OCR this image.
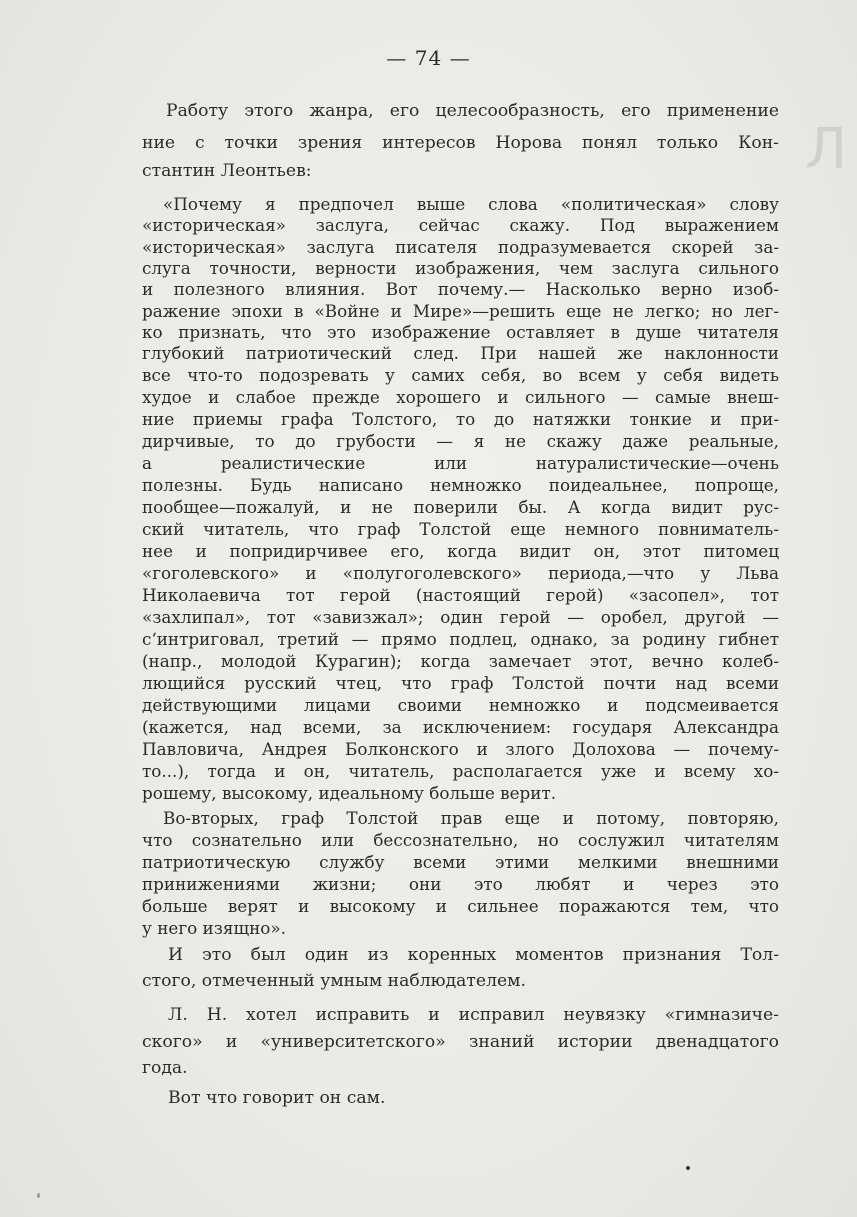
Л
— 74 —
Работу этого жанра, его целесообразность, его применение
ние с точки зрения интересов Норова понял только Кон-
стантин Леонтьев:
«Почему я предпочел выше слова «политическая» слову
«историческая» заслуга, сейчас скажу. Под выражением
«историческая» заслуга писателя подразумевается скорей за-
слуга точности, верности изображения, чем заслуга сильного
и полезного влияния. Вот почему.— Насколько верно изоб-
ражение эпохи в «Войне и Мире»—решить еще не легко; но лег-
ко признать, что это изображение оставляет в душе читателя
глубокий патриотический след. При нашей же наклонности
все что-то подозревать у самих себя, во всем у себя видеть
худое и слабое прежде хорошего и сильного — самые внеш-
ние приемы графа Толстого, то до натяжки тонкие и при-
дирчивые, то до грубости — я не скажу даже реальные,
а реалистические или натуралистические—очень
полезны. Будь написано немножко поидеальнее, попроще,
пообщее—пожалуй, и не поверили бы. А когда видит рус-
ский читатель, что граф Толстой еще немного повниматель-
нее и попридирчивее его, когда видит он, этот питомец
«гоголевского» и «полугоголевского» периода,—что у Льва
Николаевича тот герой (настоящий герой) «засопел», тот
«захлипал», тот «завизжал»; один герой — оробел, другой —
с‘интриговал, третий — прямо подлец, однако, за родину гибнет
(напр., молодой Курагин); когда замечает этот, вечно колеб-
лющийся русский чтец, что граф Толстой почти над всеми
действующими лицами своими немножко и подсмеивается
(кажется, над всеми, за исключением: государя Александра
Павловича, Андрея Болконского и злого Долохова — почему-
то...), тогда и он, читатель, располагается уже и всему хо-
рошему, высокому, идеальному больше верит.
Во-вторых, граф Толстой прав еще и потому, повторяю,
что сознательно или бессознательно, но сослужил читателям
патриотическую службу всеми этими мелкими внешними
принижениями жизни; они это любят и через это
больше верят и высокому и сильнее поражаются тем, что
у него изящно».
И это был один из коренных моментов признания Тол-
стого, отмеченный умным наблюдателем.
Л. Н. хотел исправить и исправил неувязку «гимназиче-
ского» и «университетского» знаний истории двенадцатого
года.
Вот что говорит он сам.
